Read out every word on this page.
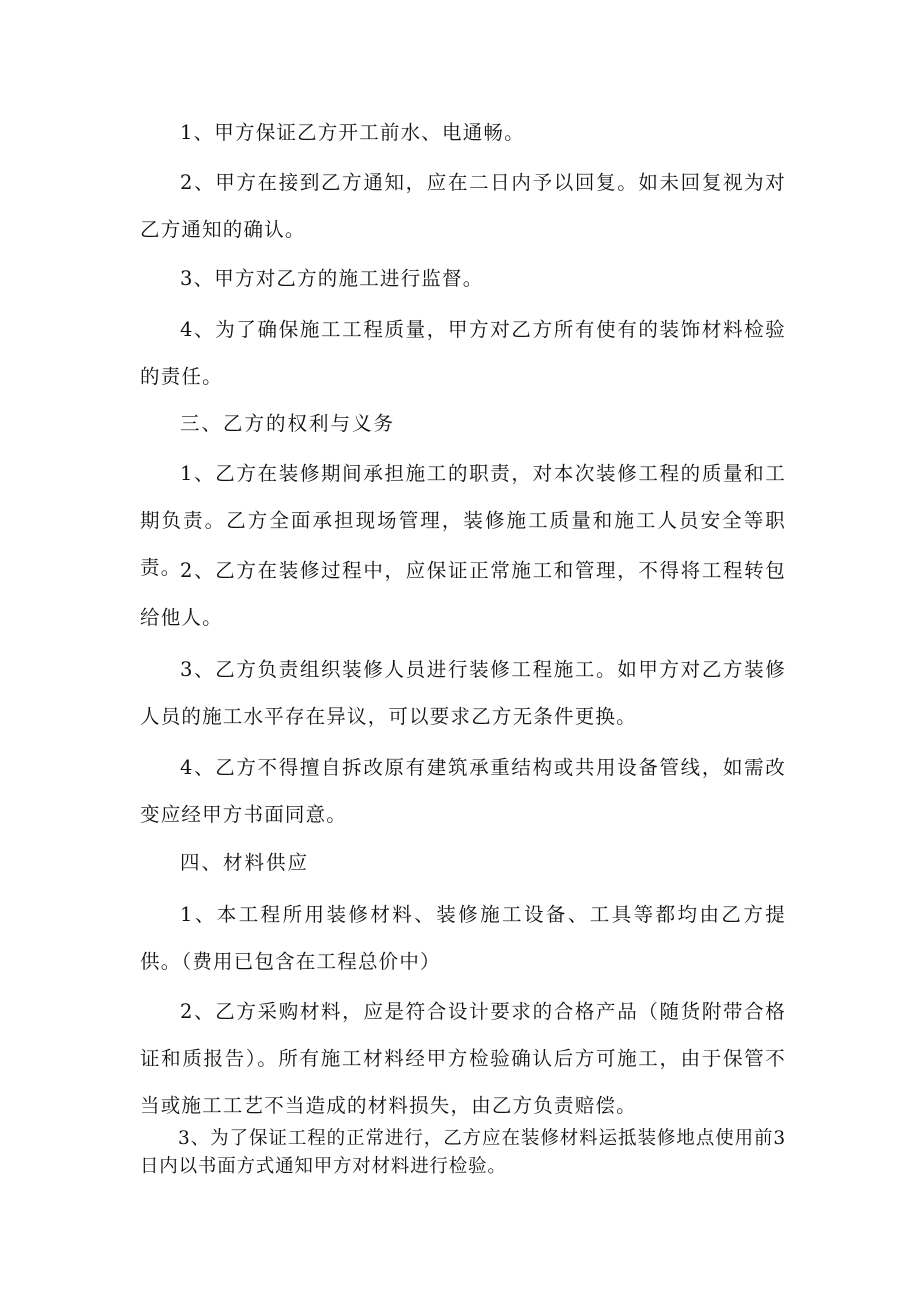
1、甲方保证乙方开工前水、电通畅。

2、甲方在接到乙方通知，应在二日内予以回复。如未回复视为对乙方通知的确认。

3、甲方对乙方的施工进行监督。

4、为了确保施工工程质量，甲方对乙方所有使有的装饰材料检验的责任。

三、乙方的权利与义务

1、乙方在装修期间承担施工的职责，对本次装修工程的质量和工期负责。乙方全面承担现场管理，装修施工质量和施工人员安全等职责。

2、乙方在装修过程中，应保证正常施工和管理，不得将工程转包给他人。

3、乙方负责组织装修人员进行装修工程施工。如甲方对乙方装修人员的施工水平存在异议，可以要求乙方无条件更换。

4、乙方不得擅自拆改原有建筑承重结构或共用设备管线，如需改变应经甲方书面同意。

四、材料供应

1、本工程所用装修材料、装修施工设备、工具等都均由乙方提供。（费用已包含在工程总价中）

2、乙方采购材料，应是符合设计要求的合格产品（随货附带合格证和质报告）。所有施工材料经甲方检验确认后方可施工，由于保管不当或施工工艺不当造成的材料损失，由乙方负责赔偿。

3、为了保证工程的正常进行，乙方应在装修材料运抵装修地点使用前3日内以书面方式通知甲方对材料进行检验。
